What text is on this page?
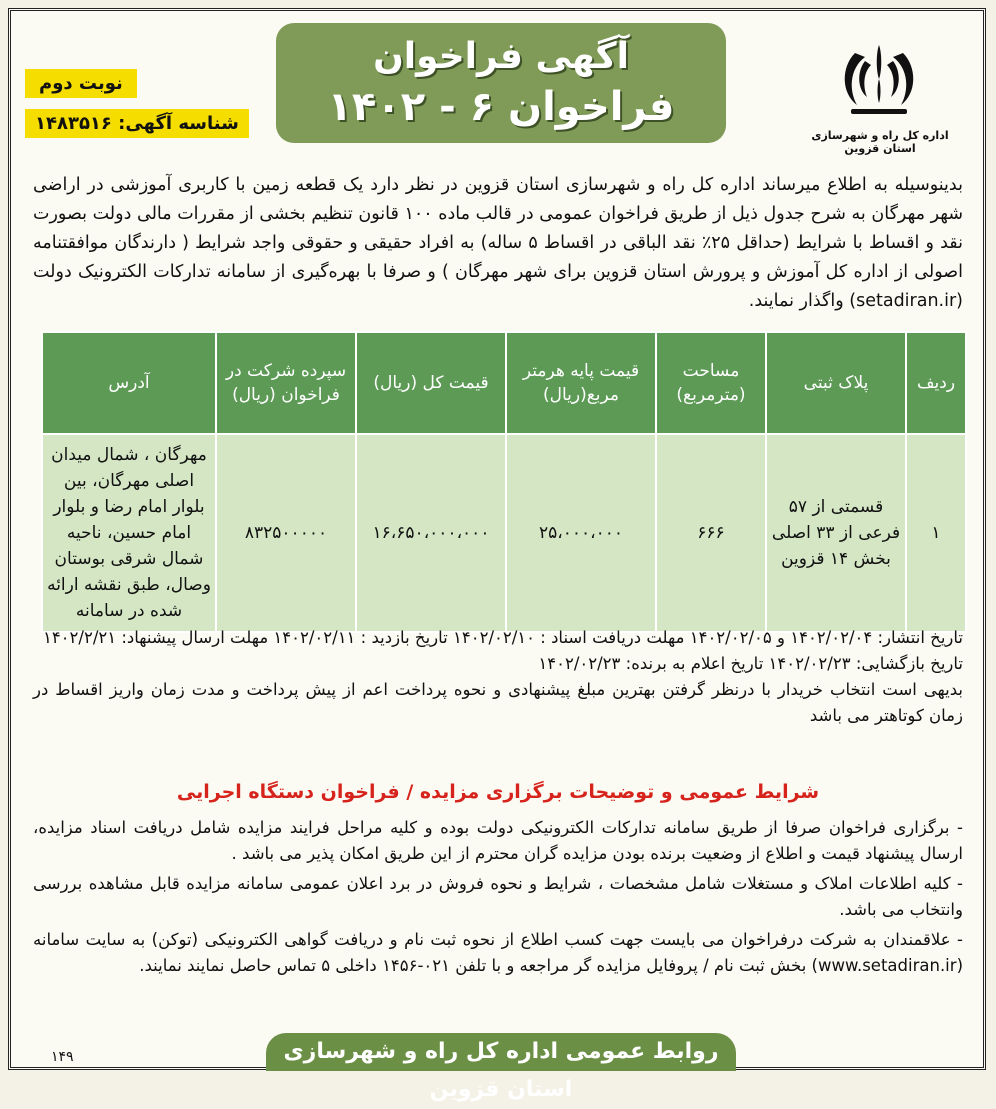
نوبت دوم
شناسه آگهی: ۱۴۸۳۵۱۶
آگهی فراخوان
فراخوان ۶ - ۱۴۰۲
اداره کل راه و شهرسازی استان قزوین
بدینوسیله به اطلاع میرساند اداره کل راه و شهرسازی استان قزوین در نظر دارد یک قطعه زمین با کاربری آموزشی در اراضی شهر مهرگان به شرح جدول ذیل از طریق فراخوان عمومی در قالب ماده ۱۰۰ قانون تنظیم بخشی از مقررات مالی دولت بصورت نقد و اقساط با شرایط (حداقل ۲۵٪ نقد الباقی در اقساط ۵ ساله) به افراد حقیقی و حقوقی واجد شرایط ( دارندگان موافقتنامه اصولی از اداره کل آموزش و پرورش استان قزوین برای شهر مهرگان ) و صرفا با بهره‌گیری از سامانه تدارکات الکترونیک دولت (setadiran.ir) واگذار نمایند.
ردیف	پلاک ثبتی	مساحت (مترمربع)	قیمت پایه هرمتر مربع(ریال)	قیمت کل (ریال)	سپرده شرکت در فراخوان (ریال)	آدرس
۱	قسمتی از ۵۷ فرعی از ۳۳ اصلی بخش ۱۴ قزوین	۶۶۶	۲۵،۰۰۰،۰۰۰	۱۶،۶۵۰،۰۰۰،۰۰۰	۸۳۲۵۰۰۰۰۰	مهرگان ، شمال میدان اصلی مهرگان، بین بلوار امام رضا و بلوار امام حسین، ناحیه شمال شرقی بوستان وصال، طبق نقشه ارائه شده در سامانه
تاریخ انتشار: ۱۴۰۲/۰۲/۰۴ و ۱۴۰۲/۰۲/۰۵ مهلت دریافت اسناد : ۱۴۰۲/۰۲/۱۰ تاریخ بازدید : ۱۴۰۲/۰۲/۱۱ مهلت ارسال پیشنهاد: ۱۴۰۲/۲/۲۱
تاریخ بازگشایی: ۱۴۰۲/۰۲/۲۳ تاریخ اعلام به برنده: ۱۴۰۲/۰۲/۲۳
بدیهی است انتخاب خریدار با درنظر گرفتن بهترین مبلغ پیشنهادی و نحوه پرداخت اعم از پیش پرداخت و مدت زمان واریز اقساط در زمان کوتاهتر می باشد
شرایط عمومی و توضیحات برگزاری مزایده / فراخوان دستگاه اجرایی

- برگزاری فراخوان صرفا از طریق سامانه تدارکات الکترونیکی دولت بوده و کلیه مراحل فرایند مزایده شامل دریافت اسناد مزایده، ارسال پیشنهاد قیمت و اطلاع از وضعیت برنده بودن مزایده گران محترم از این طریق امکان پذیر می باشد .

- کلیه اطلاعات املاک و مستغلات شامل مشخصات ، شرایط و نحوه فروش در برد اعلان عمومی سامانه مزایده قابل مشاهده بررسی وانتخاب می باشد.

- علاقمندان به شرکت درفراخوان می بایست جهت کسب اطلاع از نحوه ثبت نام و دریافت گواهی الکترونیکی (توکن) به سایت سامانه (www.setadiran.ir) بخش ثبت نام / پروفایل مزایده گر مراجعه و با تلفن ۰۲۱-۱۴۵۶ داخلی ۵ تماس حاصل نمایند نمایند.

روابط عمومی اداره کل راه و شهرسازی استان قزوین
۱۴۹
